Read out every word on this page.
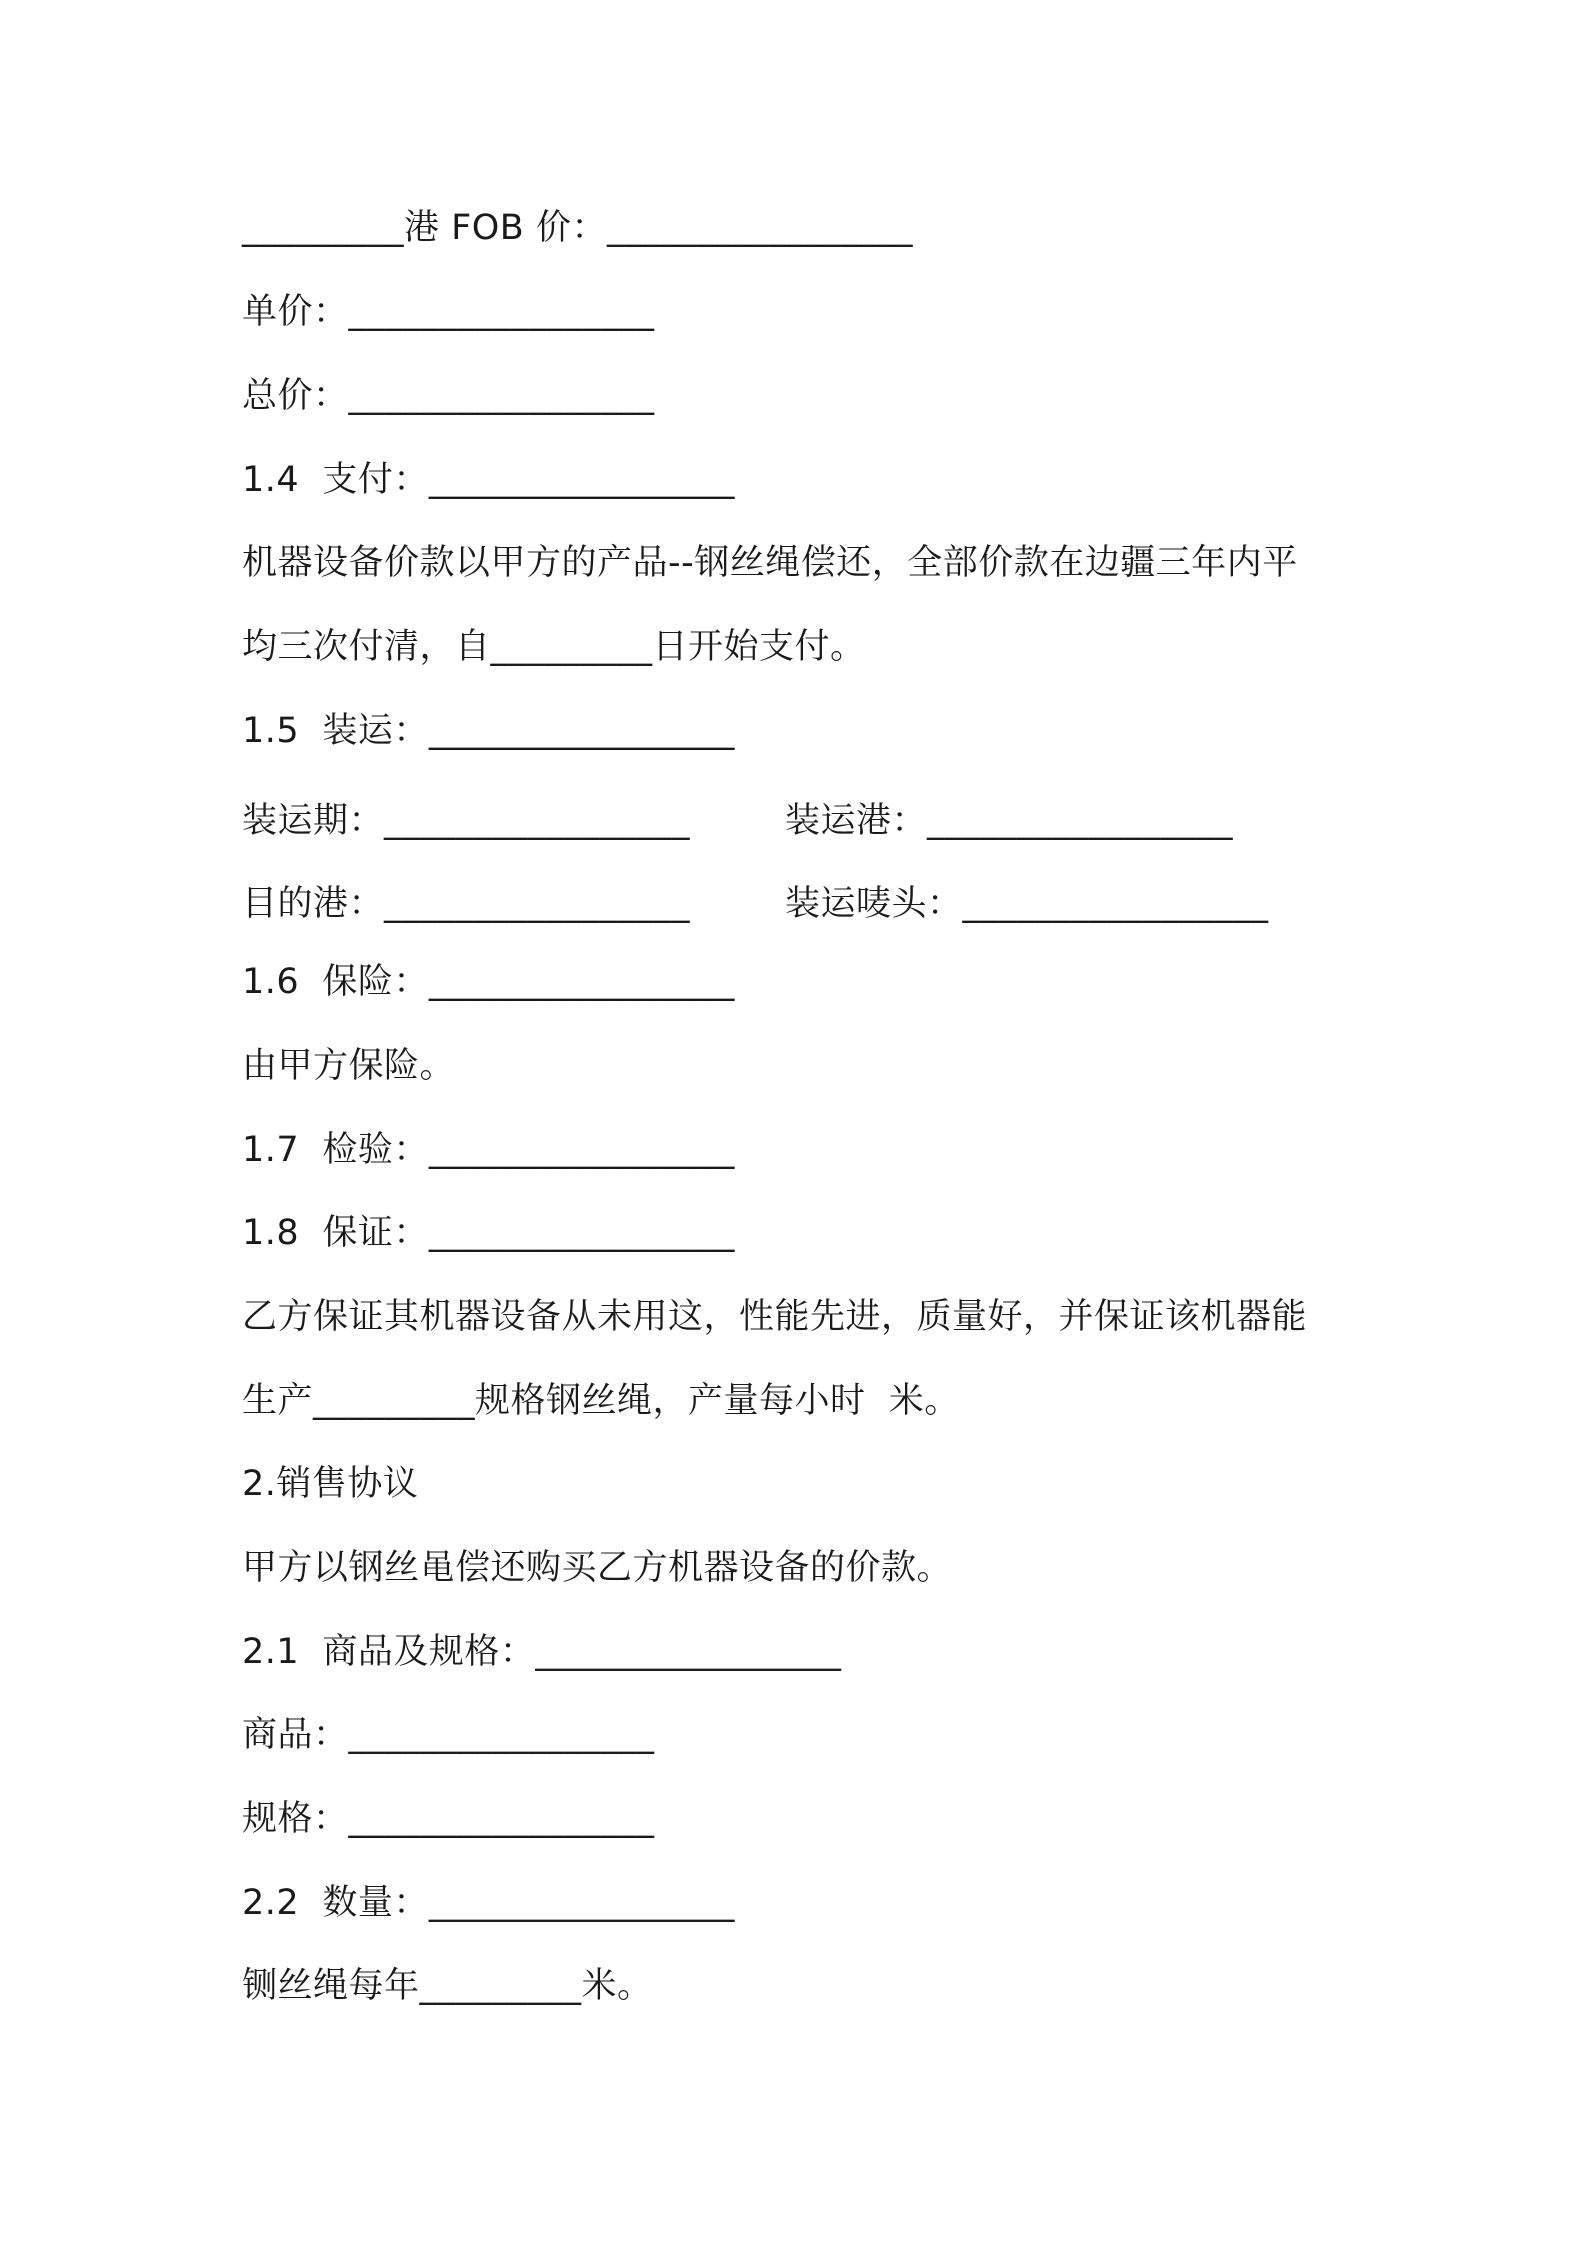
_________港 FOB 价：_________________
单价：_________________
总价：_________________
1.4  支付：_________________
机器设备价款以甲方的产品--钢丝绳偿还，全部价款在边疆三年内平
均三次付清，自_________日开始支付。
1.5  装运：_________________
装运期：_________________	装运港：_________________
目的港：_________________	装运唛头：_________________
1.6  保险：_________________
由甲方保险。
1.7  检验：_________________
1.8  保证：_________________
乙方保证其机器设备从未用这，性能先进，质量好，并保证该机器能
生产_________规格钢丝绳，产量每小时  米。
2.销售协议
甲方以钢丝黾偿还购买乙方机器设备的价款。
2.1  商品及规格：_________________
商品：_________________
规格：_________________
2.2  数量：_________________
铡丝绳每年_________米。
